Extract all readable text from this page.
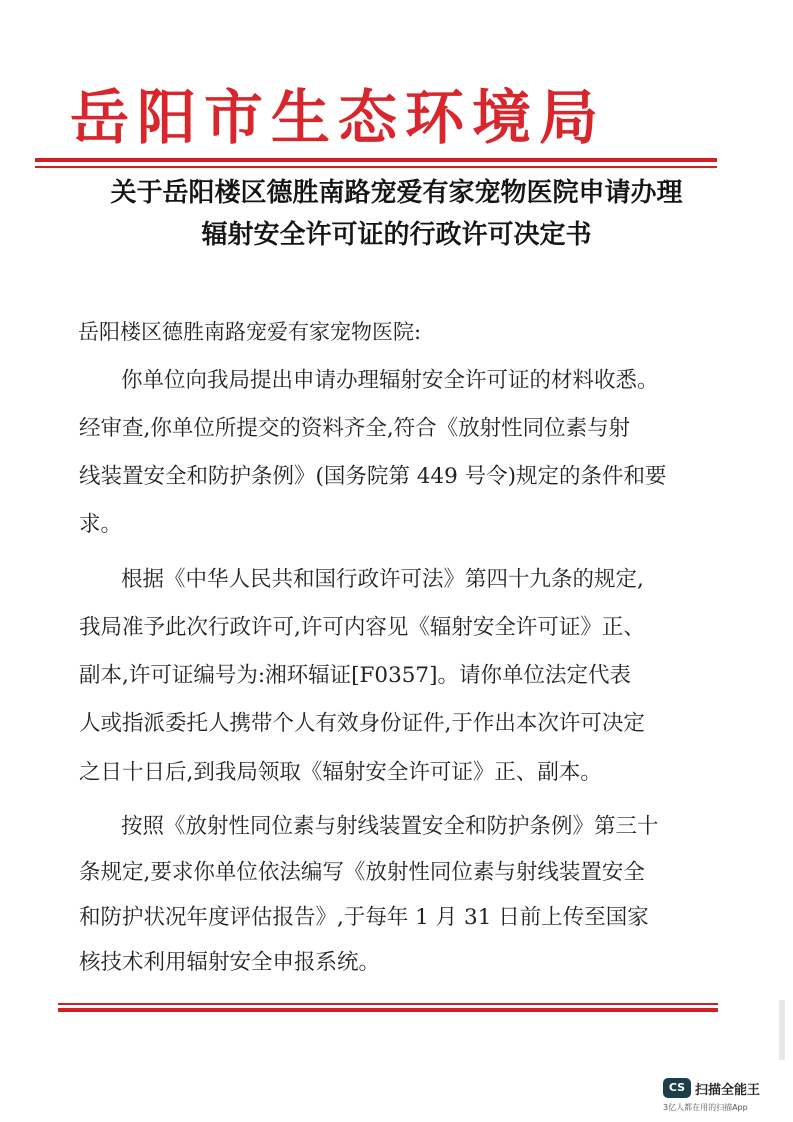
岳阳市生态环境局
关于岳阳楼区德胜南路宠爱有家宠物医院申请办理
辐射安全许可证的行政许可决定书
岳阳楼区德胜南路宠爱有家宠物医院:

你单位向我局提出申请办理辐射安全许可证的材料收悉。

经审查,你单位所提交的资料齐全,符合《放射性同位素与射

线装置安全和防护条例》(国务院第 449 号令)规定的条件和要

求。

根据《中华人民共和国行政许可法》第四十九条的规定,

我局准予此次行政许可,许可内容见《辐射安全许可证》正、

副本,许可证编号为:湘环辐证[F0357]。请你单位法定代表

人或指派委托人携带个人有效身份证件,于作出本次许可决定

之日十日后,到我局领取《辐射安全许可证》正、副本。

按照《放射性同位素与射线装置安全和防护条例》第三十

条规定,要求你单位依法编写《放射性同位素与射线装置安全

和防护状况年度评估报告》,于每年 1 月 31 日前上传至国家

核技术利用辐射安全申报系统。

CS 扫描全能王
3亿人都在用的扫描App
